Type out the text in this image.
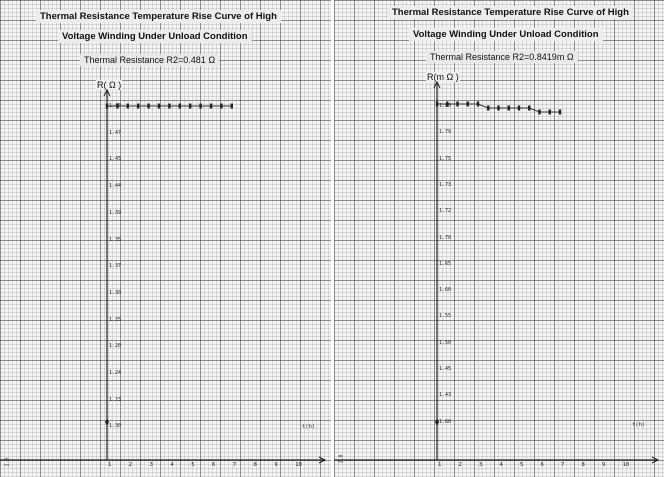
Thermal Resistance Temperature Rise Curve of High
Voltage Winding Under Unload Condition
Thermal Resistance R2=0.481 Ω
R( Ω )
t(h)
2.0	1	2	3	4	5	6	7	8	9	10
1.40
1.47
1.45
1.44
1.39
1.35
1.37
1.30
1.25
1.20
1.24
1.23
1.30
Thermal Resistance Temperature Rise Curve of High
Voltage Winding Under Unload Condition
Thermal Resistance R2=0.8419m Ω
R(m Ω )
t(h)
2.0
1	2	3	4	5	6	7	8	9	10
1.80
1.79
1.75
1.73
1.72
1.70
1.65
1.60
1.55
1.50
1.45
1.43
1.60
